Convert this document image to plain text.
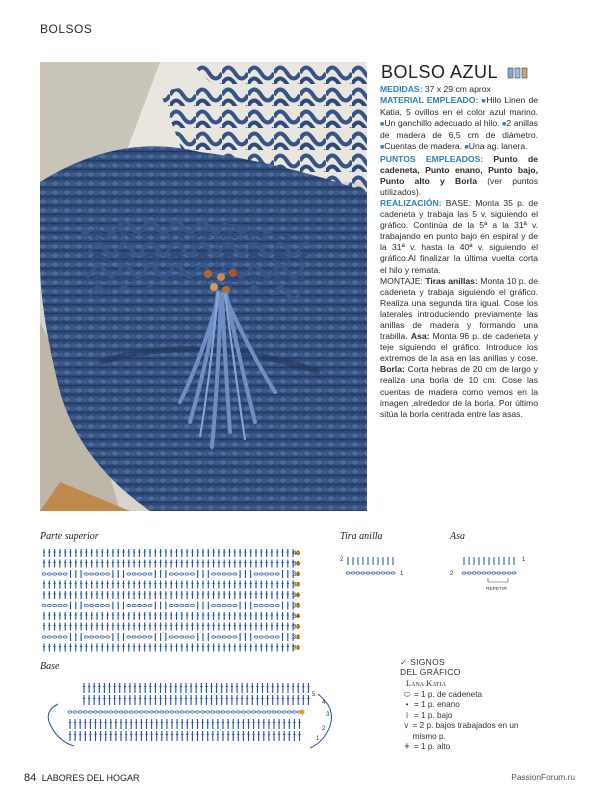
BOLSOS
BOLSO AZUL
MEDIDAS: 37 x 29 cm aprox
MATERIAL EMPLEADO: ■Hilo Linen de Katia, 5 ovillos en el color azul marino. ■Un ganchillo adecuado al hilo. ■2 anillas de madera de 6,5 cm de diámetro. ■Cuentas de madera. ■Una ag. lanera.
PUNTOS EMPLEADOS: Punto de cadeneta, Punto enano, Punto bajo, Punto alto y Borla (ver puntos utilizados).
REALIZACIÓN: BASE: Monta 35 p. de cadeneta y trabaja las 5 v. siguiendo el gráfico. Continúa de la 5ª a la 31ª v. trabajando en punto bajo en espiral y de la 31ª v. hasta la 40ª v. siguiendo el gráfico.Al finalizar la última vuelta corta el hilo y remata.
MONTAJE: Tiras anillas: Monta 10 p. de cadeneta y trabaja siguiendo el gráfico. Realiza una segunda tira igual. Cose los laterales introduciendo previamente las anillas de madera y formando una trabilla. Asa: Monta 96 p. de cadeneta y teje siguiendo el gráfico. Introduce los extremos de la asa en las anillas y cose. Borla: Corta hebras de 20 cm de largo y realiza una borla de 10 cm. Cose las cuentas de madera como vemos en la imagen ,alrededor de la borla. Por último sitúa la borla centrada entre las asas.
Parte superior
40
39
38
37
36
35
34
33
32
31
Tira anilla
2
1
Asa
2
1
REPETIR
Base
5
4
3
2
1
✓ SIGNOS
DEL GRÁFICO
Lana Katia
⬭ = 1 p. de cadeneta
• = 1 p. enano
ǀ = 1 p. bajo
∨ = 2 p. bajos trabajados en un mismo p.
ǂ = 1 p. alto
84 LABORES DEL HOGAR	PassionForum.ru
